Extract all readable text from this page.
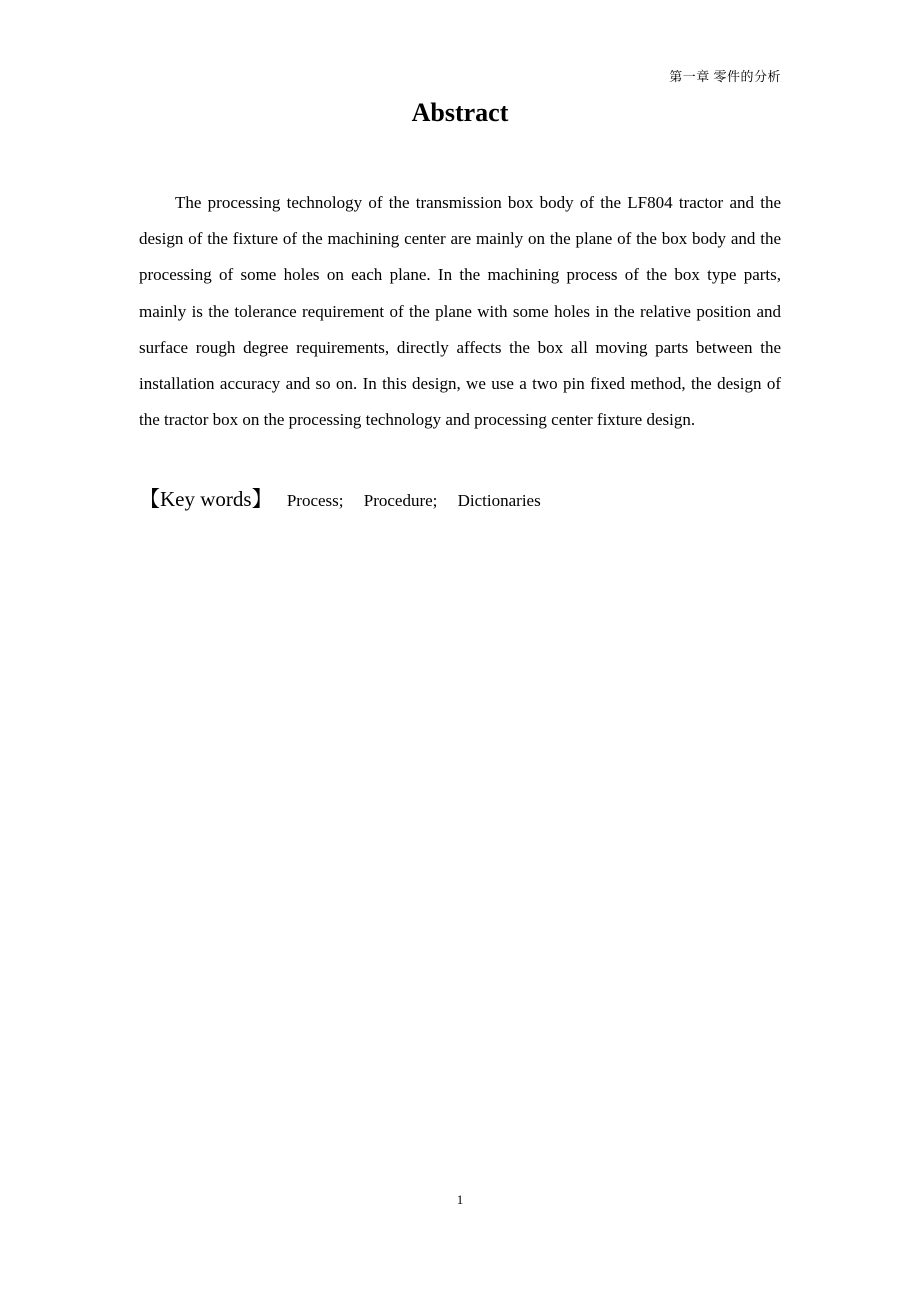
第一章 零件的分析
Abstract

The processing technology of the transmission box body of the LF804 tractor and the design of the fixture of the machining center are mainly on the plane of the box body and the processing of some holes on each plane. In the machining process of the box type parts, mainly is the tolerance requirement of the plane with some holes in the relative position and surface rough degree requirements, directly affects the box all moving parts between the installation accuracy and so on. In this design, we use a two pin fixed method, the design of the tractor box on the processing technology and processing center fixture design.

【Key words】 Process; Procedure; Dictionaries
1
